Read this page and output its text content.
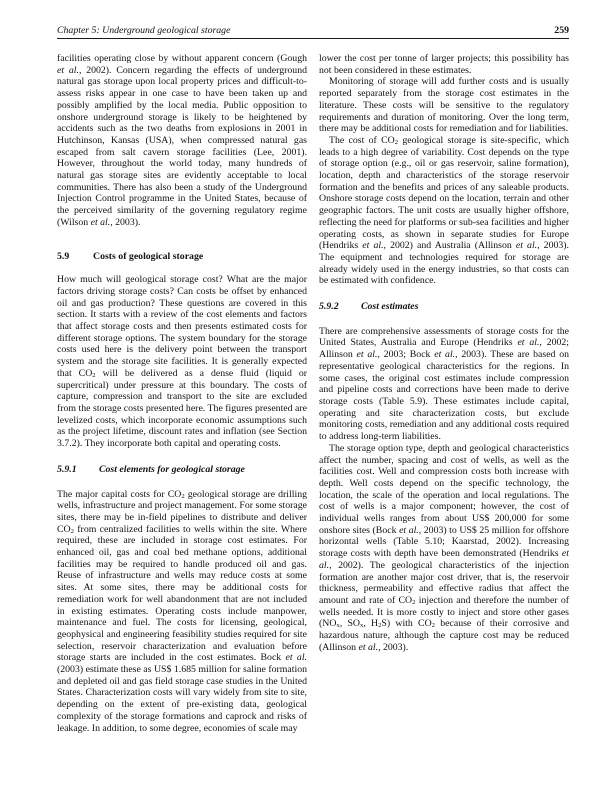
Chapter 5: Underground geological storage	259

facilities operating close by without apparent concern (Gough et al., 2002). Concern regarding the effects of underground natural gas storage upon local property prices and difficult-to-assess risks appear in one case to have been taken up and possibly amplified by the local media. Public opposition to onshore underground storage is likely to be heightened by accidents such as the two deaths from explosions in 2001 in Hutchinson, Kansas (USA), when compressed natural gas escaped from salt cavern storage facilities (Lee, 2001). However, throughout the world today, many hundreds of natural gas storage sites are evidently acceptable to local communities. There has also been a study of the Underground Injection Control programme in the United States, because of the perceived similarity of the governing regulatory regime (Wilson et al., 2003).

5.9 Costs of geological storage

How much will geological storage cost? What are the major factors driving storage costs? Can costs be offset by enhanced oil and gas production? These questions are covered in this section. It starts with a review of the cost elements and factors that affect storage costs and then presents estimated costs for different storage options. The system boundary for the storage costs used here is the delivery point between the transport system and the storage site facilities. It is generally expected that $CO_2$ will be delivered as a dense fluid (liquid or supercritical) under pressure at this boundary. The costs of capture, compression and transport to the site are excluded from the storage costs presented here. The figures presented are levelized costs, which incorporate economic assumptions such as the project lifetime, discount rates and inflation (see Section 3.7.2). They incorporate both capital and operating costs.

5.9.1 Cost elements for geological storage

The major capital costs for $CO_2$ geological storage are drilling wells, infrastructure and project management. For some storage sites, there may be in-field pipelines to distribute and deliver $CO_2$ from centralized facilities to wells within the site. Where required, these are included in storage cost estimates. For enhanced oil, gas and coal bed methane options, additional facilities may be required to handle produced oil and gas. Reuse of infrastructure and wells may reduce costs at some sites. At some sites, there may be additional costs for remediation work for well abandonment that are not included in existing estimates. Operating costs include manpower, maintenance and fuel. The costs for licensing, geological, geophysical and engineering feasibility studies required for site selection, reservoir characterization and evaluation before storage starts are included in the cost estimates. Bock et al. (2003) estimate these as US$ 1.685 million for saline formation and depleted oil and gas field storage case studies in the United States. Characterization costs will vary widely from site to site, depending on the extent of pre-existing data, geological complexity of the storage formations and caprock and risks of leakage. In addition, to some degree, economies of scale may

lower the cost per tonne of larger projects; this possibility has not been considered in these estimates.

Monitoring of storage will add further costs and is usually reported separately from the storage cost estimates in the literature. These costs will be sensitive to the regulatory requirements and duration of monitoring. Over the long term, there may be additional costs for remediation and for liabilities.

The cost of $CO_2$ geological storage is site-specific, which leads to a high degree of variability. Cost depends on the type of storage option (e.g., oil or gas reservoir, saline formation), location, depth and characteristics of the storage reservoir formation and the benefits and prices of any saleable products. Onshore storage costs depend on the location, terrain and other geographic factors. The unit costs are usually higher offshore, reflecting the need for platforms or sub-sea facilities and higher operating costs, as shown in separate studies for Europe (Hendriks et al., 2002) and Australia (Allinson et al., 2003). The equipment and technologies required for storage are already widely used in the energy industries, so that costs can be estimated with confidence.

5.9.2 Cost estimates

There are comprehensive assessments of storage costs for the United States, Australia and Europe (Hendriks et al., 2002; Allinson et al., 2003; Bock et al., 2003). These are based on representative geological characteristics for the regions. In some cases, the original cost estimates include compression and pipeline costs and corrections have been made to derive storage costs (Table 5.9). These estimates include capital, operating and site characterization costs, but exclude monitoring costs, remediation and any additional costs required to address long-term liabilities.

The storage option type, depth and geological characteristics affect the number, spacing and cost of wells, as well as the facilities cost. Well and compression costs both increase with depth. Well costs depend on the specific technology, the location, the scale of the operation and local regulations. The cost of wells is a major component; however, the cost of individual wells ranges from about US$ 200,000 for some onshore sites (Bock et al., 2003) to US$ 25 million for offshore horizontal wells (Table 5.10; Kaarstad, 2002). Increasing storage costs with depth have been demonstrated (Hendriks et al., 2002). The geological characteristics of the injection formation are another major cost driver, that is, the reservoir thickness, permeability and effective radius that affect the amount and rate of $CO_2$ injection and therefore the number of wells needed. It is more costly to inject and store other gases ($NO_x$, $SO_x$, $H_2S$) with $CO_2$ because of their corrosive and hazardous nature, although the capture cost may be reduced (Allinson et al., 2003).
